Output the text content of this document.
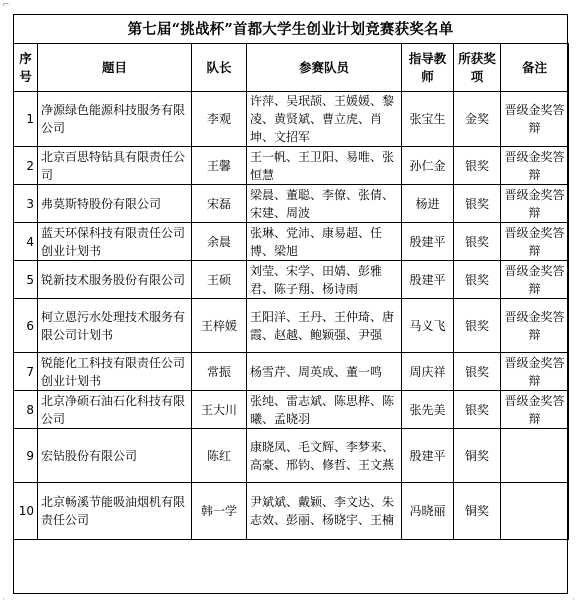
⌐
·	·
第七届“挑战杯”首都大学生创业计划竞赛获奖名单
序号	题目	队长	参赛队员	指导教师	所获奖项	备注
1	净源绿色能源科技服务有限公司	李观	许萍、吴珉颉、王媛媛、黎凌、黄贤斌、曹立虎、肖坤、文招军	张宝生	金奖	晋级金奖答辩
2	北京百思特钻具有限责任公司	王馨	王一帆、王卫阳、易唯、张恒慧	孙仁金	银奖	晋级金奖答辩
3	弗莫斯特股份有限公司	宋磊	梁晨、董聪、李僚、张倩、宋建、周波	杨进	银奖	晋级金奖答辩
4	蓝天环保科技有限责任公司创业计划书	余晨	张琳、党沛、康易超、任博、梁旭	殷建平	银奖	晋级金奖答辩
5	锐新技术服务股份有限公司	王硕	刘莹、宋学、田婧、彭雅君、陈子翔、杨诗雨	殷建平	银奖	晋级金奖答辩
6	柯立恩污水处理技术服务有限公司计划书	王梓媛	王阳洋、王丹、王仲琦、唐霞、赵越、鲍颖强、尹强	马义飞	银奖	晋级金奖答辩
7	锐能化工科技有限责任公司创业计划书	常振	杨雪芹、周英成、董一鸣	周庆祥	银奖	晋级金奖答辩
8	北京净硕石油石化科技有限公司	王大川	张纯、雷志斌、陈思桦、陈曦、孟晓羽	张先美	银奖	晋级金奖答辩
9	宏钻股份有限公司	陈红	康晓凤、毛文辉、李梦来、高豪、邢钧、修哲、王文燕	殷建平	铜奖	
10	北京畅溪节能吸油烟机有限责任公司	韩一学	尹斌斌、戴颖、李文达、朱志效、彭丽、杨晓宇、王楠	冯晓丽	铜奖	
